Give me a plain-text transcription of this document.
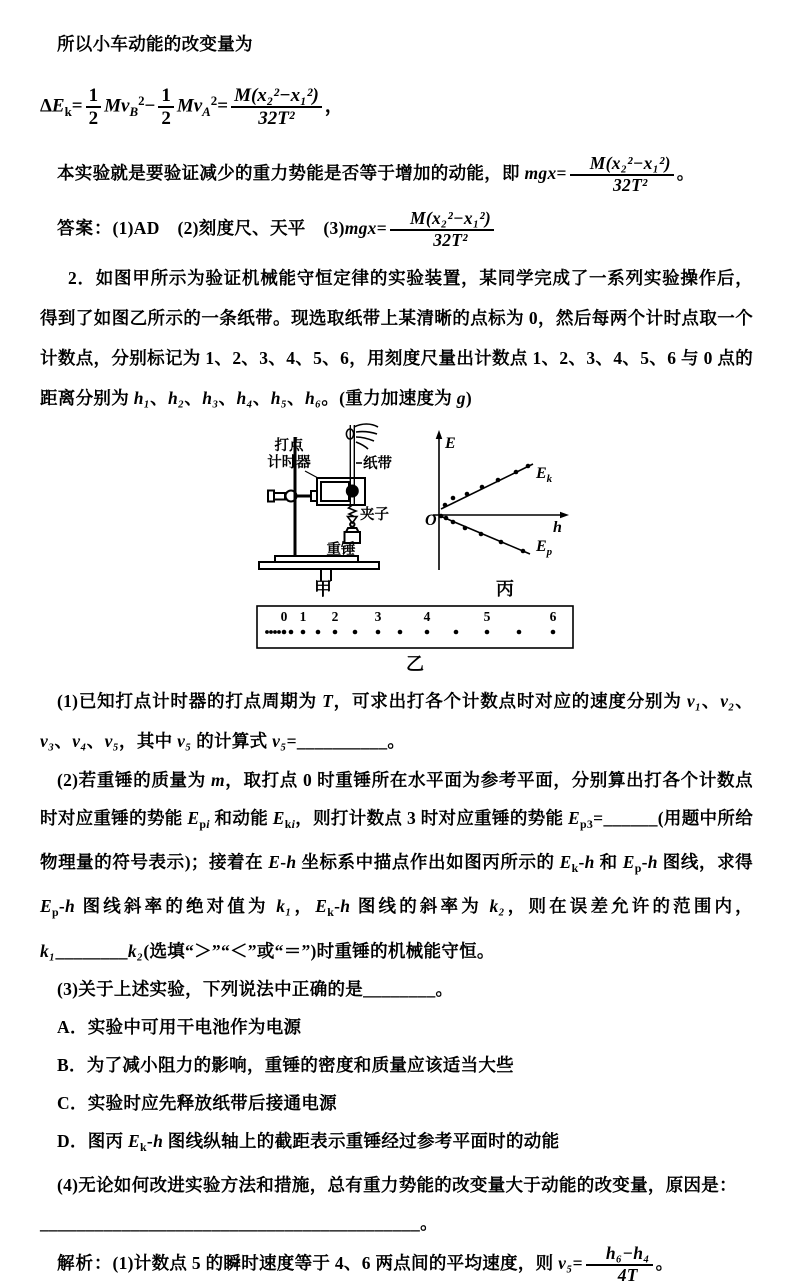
所以小车动能的改变量为

$\Delta E_k= \frac{1}{2} Mv_B^2- \frac{1}{2} Mv_A^2= \frac{\text{M(x₂²−x₁²)}}{\text{32T²}}$ ，

本实验就是要验证减少的重力势能是否等于增加的动能，即 $mgx= \frac{\text{M(x₂²−x₁²)}}{\text{32T²}}$ 。

答案：(1)AD　(2)刻度尺、天平　$(3)mgx= \frac{\text{M(x₂²−x₁²)}}{\text{32T²}}$

2．如图甲所示为验证机械能守恒定律的实验装置，某同学完成了一系列实验操作后，得到了如图乙所示的一条纸带。现选取纸带上某清晰的点标为 0，然后每两个计时点取一个计数点，分别标记为 1、2、3、4、5、6，用刻度尺量出计数点 1、2、3、4、5、6 与 0 点的距离分别为 h₁、h₂、h₃、h₄、h₅、h₆。(重力加速度为 g)

打点
计时器	纸带
夹子
重锤
甲
E
h
O
$E_k$
$E_p$
丙
0 1 2	3	4	5	6
乙

(1)已知打点计时器的打点周期为 T，可求出打各个计数点时对应的速度分别为 v₁、v₂、v₃、v₄、v₅，其中 v₅ 的计算式 v₅=__________。

(2)若重锤的质量为 m，取打点 0 时重锤所在水平面为参考平面，分别算出打各个计数点时对应重锤的势能 $E_{pi}$ 和动能 $E_{ki}$，则打计数点 3 时对应重锤的势能 $E_{p3}=\_\_\_\_\_\_$(用题中所给物理量的符号表示)；接着在 E-h 坐标系中描点作出如图丙所示的 $E_k-h$ 和 $E_p-h$ 图线，求得 $E_p-h$ 图线斜率的绝对值为 k₁，$E_k-h$ 图线的斜率为 k₂，则在误差允许的范围内，k₁________k₂(选填“＞”“＜”或“＝”)时重锤的机械能守恒。

(3)关于上述实验，下列说法中正确的是________。

A．实验中可用干电池作为电源

B．为了减小阻力的影响，重锤的密度和质量应该适当大些

C．实验时应先释放纸带后接通电源

D．图丙 $E_k-h$ 图线纵轴上的截距表示重锤经过参考平面时的动能

(4)无论如何改进实验方法和措施，总有重力势能的改变量大于动能的改变量，原因是：

__________________________________________。

解析：(1)计数点 5 的瞬时速度等于 4、6 两点间的平均速度，则 $v_5= \frac{\text{h₆−h₄}}{4T}$ 。
